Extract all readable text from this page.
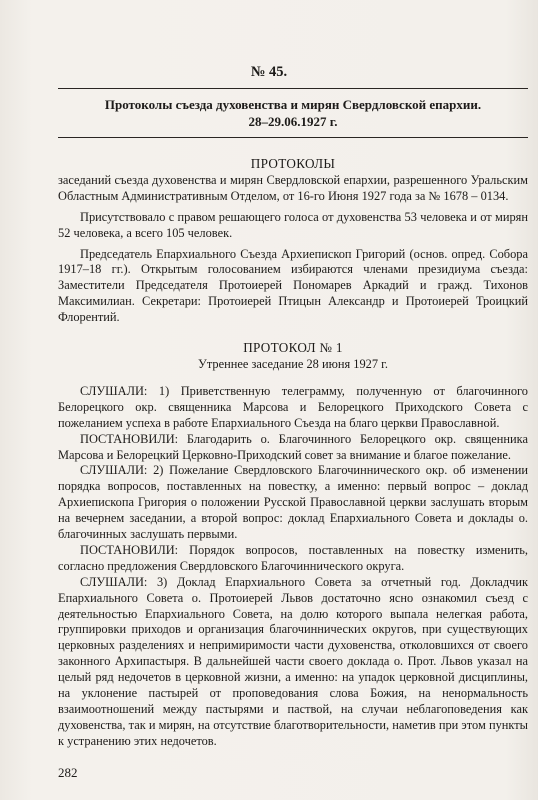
№ 45.
Протоколы съезда духовенства и мирян Свердловской епархии.
28–29.06.1927 г.

ПРОТОКОЛЫ

заседаний съезда духовенства и мирян Свердловской епархии, разрешенного Уральским Областным Административным Отделом, от 16-го Июня 1927 года за № 1678 – 0134.

Присутствовало с правом решающего голоса от духовенства 53 человека и от мирян 52 человека, а всего 105 человек.

Председатель Епархиального Съезда Архиепископ Григорий (основ. опред. Собора 1917–18 гг.). Открытым голосованием избираются членами президиума съезда: Заместители Председателя Протоиерей Пономарев Аркадий и гражд. Тихонов Максимилиан. Секретари: Протоиерей Птицын Александр и Протоиерей Троицкий Флорентий.

ПРОТОКОЛ № 1

Утреннее заседание 28 июня 1927 г.

СЛУШАЛИ: 1) Приветственную телеграмму, полученную от благочинного Белорецкого окр. священника Марсова и Белорецкого Приходского Совета с пожеланием успеха в работе Епархиального Съезда на благо церкви Православной.

ПОСТАНОВИЛИ: Благодарить о. Благочинного Белорецкого окр. священника Марсова и Белорецкий Церковно-Приходский совет за внимание и благое пожелание.

СЛУШАЛИ: 2) Пожелание Свердловского Благочиннического окр. об изменении порядка вопросов, поставленных на повестку, а именно: первый вопрос – доклад Архиепископа Григория о положении Русской Православной церкви заслушать вторым на вечернем заседании, а второй вопрос: доклад Епархиального Совета и доклады о. благочинных заслушать первыми.

ПОСТАНОВИЛИ: Порядок вопросов, поставленных на повестку изменить, согласно предложения Свердловского Благочиннического округа.

СЛУШАЛИ: 3) Доклад Епархиального Совета за отчетный год. Докладчик Епархиального Совета о. Протоиерей Львов достаточно ясно ознакомил съезд с деятельностью Епархиального Совета, на долю которого выпала нелегкая работа, группировки приходов и организация благочиннических округов, при существующих церковных разделениях и непримиримости части духовенства, отколовшихся от своего законного Архипастыря. В дальнейшей части своего доклада о. Прот. Львов указал на целый ряд недочетов в церковной жизни, а именно: на упадок церковной дисциплины, на уклонение пастырей от проповедования слова Божия, на ненормальность взаимоотношений между пастырями и паствой, на случаи неблагоповедения как духовенства, так и мирян, на отсутствие благотворительности, наметив при этом пункты к устранению этих недочетов.

282
